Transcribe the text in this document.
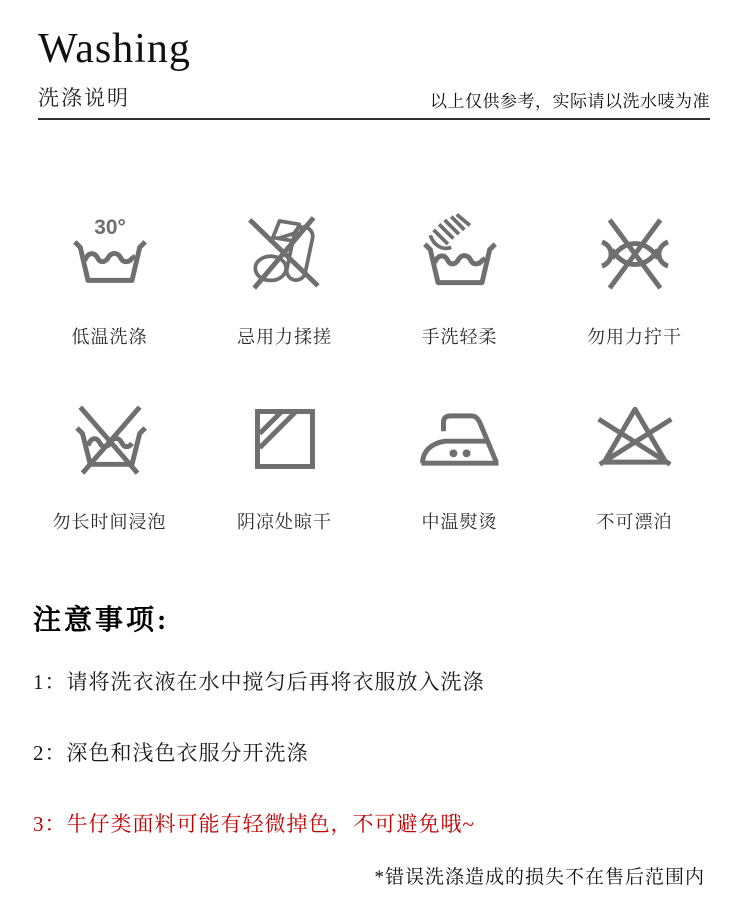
Washing
洗涤说明	以上仅供参考，实际请以洗水唛为准
30°
低温洗涤	忌用力揉搓	手洗轻柔	勿用力拧干
勿长时间浸泡	阴凉处晾干	中温熨烫	不可漂泊
注意事项:
1：请将洗衣液在水中搅匀后再将衣服放入洗涤
2：深色和浅色衣服分开洗涤
3：牛仔类面料可能有轻微掉色，不可避免哦~
*错误洗涤造成的损失不在售后范围内
